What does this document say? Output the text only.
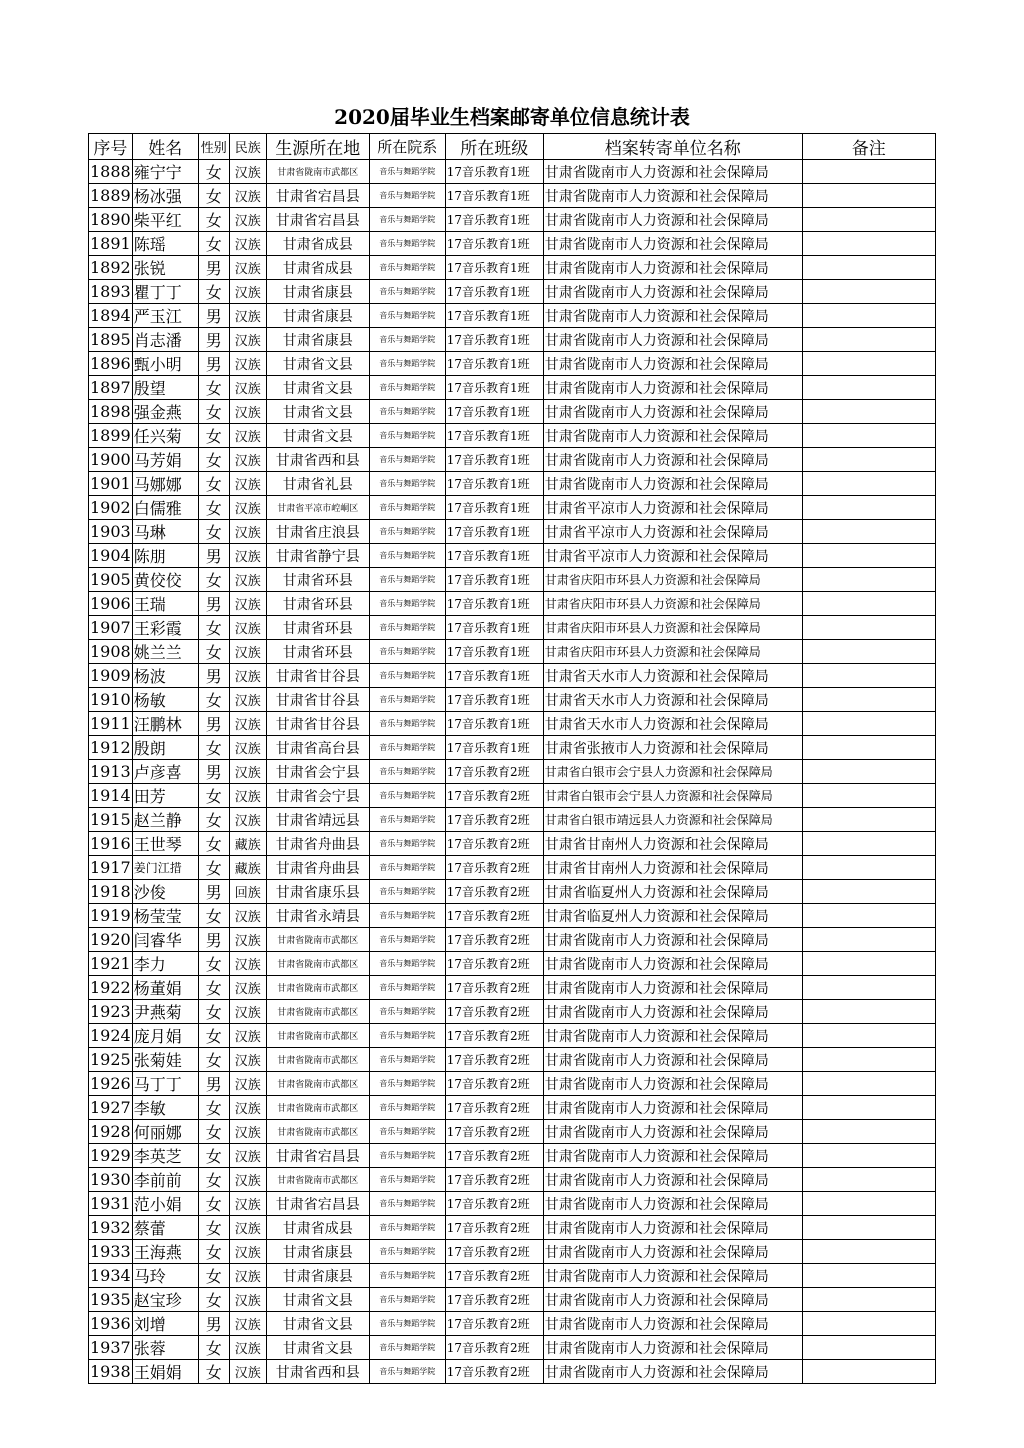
2020届毕业生档案邮寄单位信息统计表
序号	姓名	性别	民族	生源所在地	所在院系	所在班级	档案转寄单位名称	备注
1888	雍宁宁	女	汉族	甘肃省陇南市武都区	音乐与舞蹈学院	17音乐教育1班	甘肃省陇南市人力资源和社会保障局	
1889	杨冰强	女	汉族	甘肃省宕昌县	音乐与舞蹈学院	17音乐教育1班	甘肃省陇南市人力资源和社会保障局	
1890	柴平红	女	汉族	甘肃省宕昌县	音乐与舞蹈学院	17音乐教育1班	甘肃省陇南市人力资源和社会保障局	
1891	陈瑶	女	汉族	甘肃省成县	音乐与舞蹈学院	17音乐教育1班	甘肃省陇南市人力资源和社会保障局	
1892	张锐	男	汉族	甘肃省成县	音乐与舞蹈学院	17音乐教育1班	甘肃省陇南市人力资源和社会保障局	
1893	瞿丁丁	女	汉族	甘肃省康县	音乐与舞蹈学院	17音乐教育1班	甘肃省陇南市人力资源和社会保障局	
1894	严玉江	男	汉族	甘肃省康县	音乐与舞蹈学院	17音乐教育1班	甘肃省陇南市人力资源和社会保障局	
1895	肖志潘	男	汉族	甘肃省康县	音乐与舞蹈学院	17音乐教育1班	甘肃省陇南市人力资源和社会保障局	
1896	甄小明	男	汉族	甘肃省文县	音乐与舞蹈学院	17音乐教育1班	甘肃省陇南市人力资源和社会保障局	
1897	殷望	女	汉族	甘肃省文县	音乐与舞蹈学院	17音乐教育1班	甘肃省陇南市人力资源和社会保障局	
1898	强金燕	女	汉族	甘肃省文县	音乐与舞蹈学院	17音乐教育1班	甘肃省陇南市人力资源和社会保障局	
1899	任兴菊	女	汉族	甘肃省文县	音乐与舞蹈学院	17音乐教育1班	甘肃省陇南市人力资源和社会保障局	
1900	马芳娟	女	汉族	甘肃省西和县	音乐与舞蹈学院	17音乐教育1班	甘肃省陇南市人力资源和社会保障局	
1901	马娜娜	女	汉族	甘肃省礼县	音乐与舞蹈学院	17音乐教育1班	甘肃省陇南市人力资源和社会保障局	
1902	白儒雅	女	汉族	甘肃省平凉市崆峒区	音乐与舞蹈学院	17音乐教育1班	甘肃省平凉市人力资源和社会保障局	
1903	马琳	女	汉族	甘肃省庄浪县	音乐与舞蹈学院	17音乐教育1班	甘肃省平凉市人力资源和社会保障局	
1904	陈朋	男	汉族	甘肃省静宁县	音乐与舞蹈学院	17音乐教育1班	甘肃省平凉市人力资源和社会保障局	
1905	黄佼佼	女	汉族	甘肃省环县	音乐与舞蹈学院	17音乐教育1班	甘肃省庆阳市环县人力资源和社会保障局	
1906	王瑞	男	汉族	甘肃省环县	音乐与舞蹈学院	17音乐教育1班	甘肃省庆阳市环县人力资源和社会保障局	
1907	王彩霞	女	汉族	甘肃省环县	音乐与舞蹈学院	17音乐教育1班	甘肃省庆阳市环县人力资源和社会保障局	
1908	姚兰兰	女	汉族	甘肃省环县	音乐与舞蹈学院	17音乐教育1班	甘肃省庆阳市环县人力资源和社会保障局	
1909	杨波	男	汉族	甘肃省甘谷县	音乐与舞蹈学院	17音乐教育1班	甘肃省天水市人力资源和社会保障局	
1910	杨敏	女	汉族	甘肃省甘谷县	音乐与舞蹈学院	17音乐教育1班	甘肃省天水市人力资源和社会保障局	
1911	汪鹏林	男	汉族	甘肃省甘谷县	音乐与舞蹈学院	17音乐教育1班	甘肃省天水市人力资源和社会保障局	
1912	殷朗	女	汉族	甘肃省高台县	音乐与舞蹈学院	17音乐教育1班	甘肃省张掖市人力资源和社会保障局	
1913	卢彦喜	男	汉族	甘肃省会宁县	音乐与舞蹈学院	17音乐教育2班	甘肃省白银市会宁县人力资源和社会保障局	
1914	田芳	女	汉族	甘肃省会宁县	音乐与舞蹈学院	17音乐教育2班	甘肃省白银市会宁县人力资源和社会保障局	
1915	赵兰静	女	汉族	甘肃省靖远县	音乐与舞蹈学院	17音乐教育2班	甘肃省白银市靖远县人力资源和社会保障局	
1916	王世琴	女	藏族	甘肃省舟曲县	音乐与舞蹈学院	17音乐教育2班	甘肃省甘南州人力资源和社会保障局	
1917	姜门江措	女	藏族	甘肃省舟曲县	音乐与舞蹈学院	17音乐教育2班	甘肃省甘南州人力资源和社会保障局	
1918	沙俊	男	回族	甘肃省康乐县	音乐与舞蹈学院	17音乐教育2班	甘肃省临夏州人力资源和社会保障局	
1919	杨莹莹	女	汉族	甘肃省永靖县	音乐与舞蹈学院	17音乐教育2班	甘肃省临夏州人力资源和社会保障局	
1920	闫睿华	男	汉族	甘肃省陇南市武都区	音乐与舞蹈学院	17音乐教育2班	甘肃省陇南市人力资源和社会保障局	
1921	李力	女	汉族	甘肃省陇南市武都区	音乐与舞蹈学院	17音乐教育2班	甘肃省陇南市人力资源和社会保障局	
1922	杨董娟	女	汉族	甘肃省陇南市武都区	音乐与舞蹈学院	17音乐教育2班	甘肃省陇南市人力资源和社会保障局	
1923	尹燕菊	女	汉族	甘肃省陇南市武都区	音乐与舞蹈学院	17音乐教育2班	甘肃省陇南市人力资源和社会保障局	
1924	庞月娟	女	汉族	甘肃省陇南市武都区	音乐与舞蹈学院	17音乐教育2班	甘肃省陇南市人力资源和社会保障局	
1925	张菊娃	女	汉族	甘肃省陇南市武都区	音乐与舞蹈学院	17音乐教育2班	甘肃省陇南市人力资源和社会保障局	
1926	马丁丁	男	汉族	甘肃省陇南市武都区	音乐与舞蹈学院	17音乐教育2班	甘肃省陇南市人力资源和社会保障局	
1927	李敏	女	汉族	甘肃省陇南市武都区	音乐与舞蹈学院	17音乐教育2班	甘肃省陇南市人力资源和社会保障局	
1928	何丽娜	女	汉族	甘肃省陇南市武都区	音乐与舞蹈学院	17音乐教育2班	甘肃省陇南市人力资源和社会保障局	
1929	李英芝	女	汉族	甘肃省宕昌县	音乐与舞蹈学院	17音乐教育2班	甘肃省陇南市人力资源和社会保障局	
1930	李前前	女	汉族	甘肃省陇南市武都区	音乐与舞蹈学院	17音乐教育2班	甘肃省陇南市人力资源和社会保障局	
1931	范小娟	女	汉族	甘肃省宕昌县	音乐与舞蹈学院	17音乐教育2班	甘肃省陇南市人力资源和社会保障局	
1932	蔡蕾	女	汉族	甘肃省成县	音乐与舞蹈学院	17音乐教育2班	甘肃省陇南市人力资源和社会保障局	
1933	王海燕	女	汉族	甘肃省康县	音乐与舞蹈学院	17音乐教育2班	甘肃省陇南市人力资源和社会保障局	
1934	马玲	女	汉族	甘肃省康县	音乐与舞蹈学院	17音乐教育2班	甘肃省陇南市人力资源和社会保障局	
1935	赵宝珍	女	汉族	甘肃省文县	音乐与舞蹈学院	17音乐教育2班	甘肃省陇南市人力资源和社会保障局	
1936	刘增	男	汉族	甘肃省文县	音乐与舞蹈学院	17音乐教育2班	甘肃省陇南市人力资源和社会保障局	
1937	张蓉	女	汉族	甘肃省文县	音乐与舞蹈学院	17音乐教育2班	甘肃省陇南市人力资源和社会保障局	
1938	王娟娟	女	汉族	甘肃省西和县	音乐与舞蹈学院	17音乐教育2班	甘肃省陇南市人力资源和社会保障局	
